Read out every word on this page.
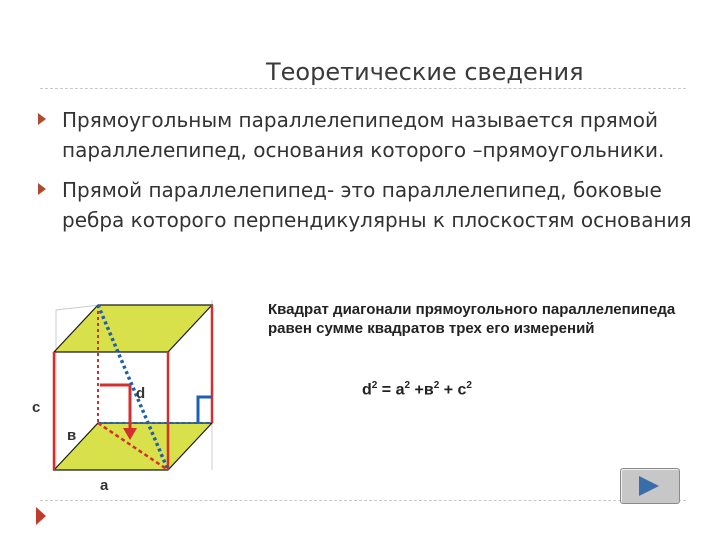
Теоретические сведения
Прямоугольным параллелепипедом называется прямой параллелепипед, основания которого –прямоугольники.
Прямой параллелепипед- это параллелепипед, боковые ребра которого перпендикулярны к плоскостям основания
c
в
a
d
Квадрат диагонали прямоугольного параллелепипеда равен сумме квадратов трех его измерений
$d^2 = a^2 +в^2 + c^2$
